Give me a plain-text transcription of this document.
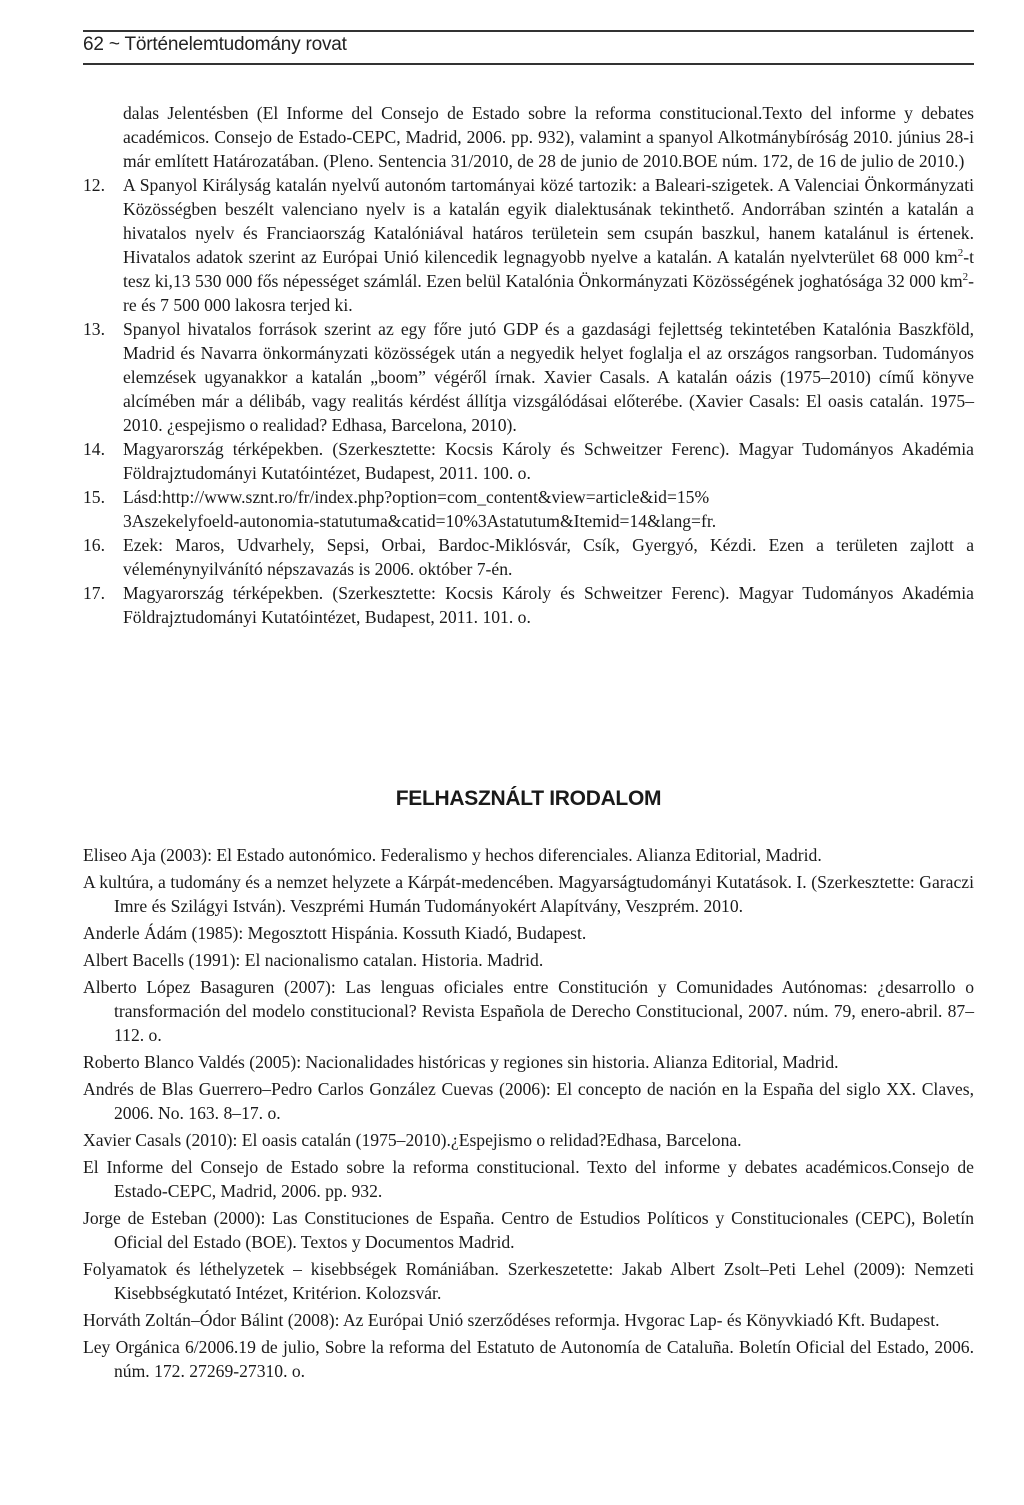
62 ~ Történelemtudomány rovat
dalas Jelentésben (El Informe del Consejo de Estado sobre la reforma constitucional.Texto del informe y debates académicos. Consejo de Estado-CEPC, Madrid, 2006. pp. 932), valamint a spanyol Alkotmánybíróság 2010. június 28-i már említett Határozatában. (Pleno. Sentencia 31/2010, de 28 de junio de 2010.BOE núm. 172, de 16 de julio de 2010.)
12.	A Spanyol Királyság katalán nyelvű autonóm tartományai közé tartozik: a Baleari-szigetek. A Valenciai Önkormányzati Közösségben beszélt valenciano nyelv is a katalán egyik dialektusának tekinthető. Andorrában szintén a katalán a hivatalos nyelv és Franciaország Katalóniával határos területein sem csupán baszkul, hanem katalánul is értenek. Hivatalos adatok szerint az Európai Unió kilencedik legnagyobb nyelve a katalán. A katalán nyelvterület 68 000 $km^2-t$ tesz ki,13 530 000 fős népességet számlál. Ezen belül Katalónia Önkormányzati Közösségének joghatósága 32 000 $km^2-re$ és 7 500 000 lakosra terjed ki.
13.	Spanyol hivatalos források szerint az egy főre jutó GDP és a gazdasági fejlettség tekintetében Katalónia Baszkföld, Madrid és Navarra önkormányzati közösségek után a negyedik helyet foglalja el az országos rangsorban. Tudományos elemzések ugyanakkor a katalán „boom” végéről írnak. Xavier Casals. A katalán oázis (1975–2010) című könyve alcímében már a délibáb, vagy realitás kérdést állítja vizsgálódásai előterébe. (Xavier Casals: El oasis catalán. 1975–2010. ¿espejismo o realidad? Edhasa, Barcelona, 2010).
14.	Magyarország térképekben. (Szerkesztette: Kocsis Károly és Schweitzer Ferenc). Magyar Tudományos Akadémia Földrajztudományi Kutatóintézet, Budapest, 2011. 100. o.
15.	Lásd:http://www.sznt.ro/fr/index.php?option=com_content&view=article&id=15%
3Aszekelyfoeld-autonomia-statutuma&catid=10%3Astatutum&Itemid=14&lang=fr.
16.	Ezek: Maros, Udvarhely, Sepsi, Orbai, Bardoc-Miklósvár, Csík, Gyergyó, Kézdi. Ezen a területen zajlott a véleménynyilvánító népszavazás is 2006. október 7-én.
17.	Magyarország térképekben. (Szerkesztette: Kocsis Károly és Schweitzer Ferenc). Magyar Tudományos Akadémia Földrajztudományi Kutatóintézet, Budapest, 2011. 101. o.
FELHASZNÁLT IRODALOM

Eliseo Aja (2003): El Estado autonómico. Federalismo y hechos diferenciales. Alianza Editorial, Madrid.

A kultúra, a tudomány és a nemzet helyzete a Kárpát-medencében. Magyarságtudományi Kutatások. I. (Szerkesztette: Garaczi Imre és Szilágyi István). Veszprémi Humán Tudományokért Alapítvány, Veszprém. 2010.

Anderle Ádám (1985): Megosztott Hispánia. Kossuth Kiadó, Budapest.

Albert Bacells (1991): El nacionalismo catalan. Historia. Madrid.

Alberto López Basaguren (2007): Las lenguas oficiales entre Constitución y Comunidades Autónomas: ¿desarrollo o transformación del modelo constitucional? Revista Española de Derecho Constitucional, 2007. núm. 79, enero-abril. 87–112. o.

Roberto Blanco Valdés (2005): Nacionalidades históricas y regiones sin historia. Alianza Editorial, Madrid.

Andrés de Blas Guerrero–Pedro Carlos González Cuevas (2006): El concepto de nación en la España del siglo XX. Claves, 2006. No. 163. 8–17. o.

Xavier Casals (2010): El oasis catalán (1975–2010).¿Espejismo o relidad?Edhasa, Barcelona.

El Informe del Consejo de Estado sobre la reforma constitucional. Texto del informe y debates académicos.Consejo de Estado-CEPC, Madrid, 2006. pp. 932.

Jorge de Esteban (2000): Las Constituciones de España. Centro de Estudios Políticos y Constitucionales (CEPC), Boletín Oficial del Estado (BOE). Textos y Documentos Madrid.

Folyamatok és léthelyzetek – kisebbségek Romániában. Szerkeszetette: Jakab Albert Zsolt–Peti Lehel (2009): Nemzeti Kisebbségkutató Intézet, Kritérion. Kolozsvár.

Horváth Zoltán–Ódor Bálint (2008): Az Európai Unió szerződéses reformja. Hvgorac Lap- és Könyvkiadó Kft. Budapest.

Ley Orgánica 6/2006.19 de julio, Sobre la reforma del Estatuto de Autonomía de Cataluña. Boletín Oficial del Estado, 2006. núm. 172. 27269-27310. o.
